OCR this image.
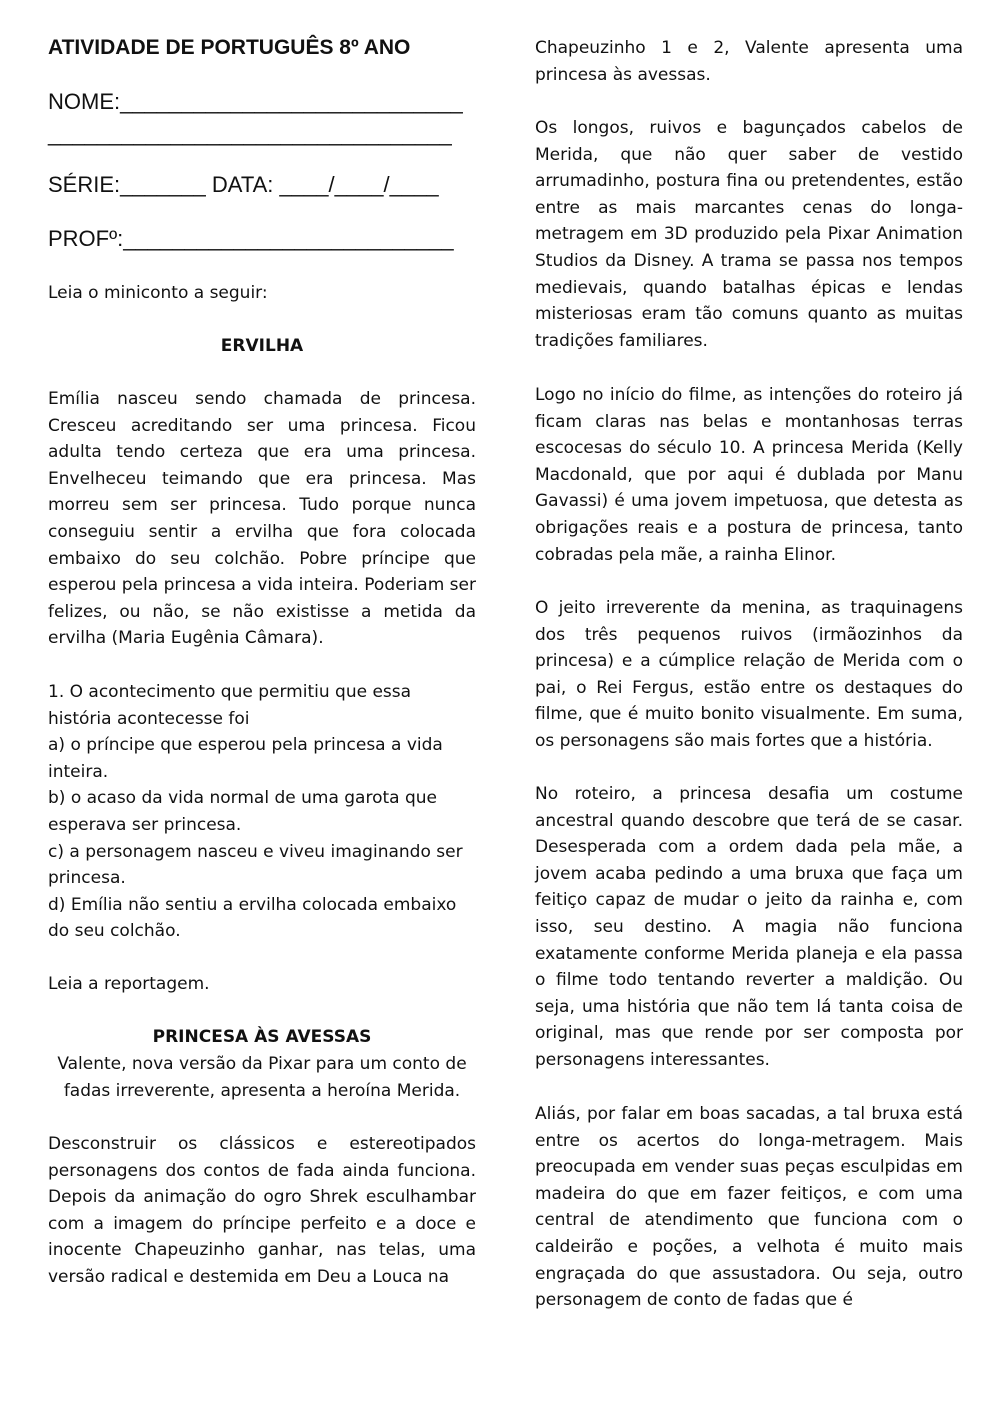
ATIVIDADE DE PORTUGUÊS 8º ANO
NOME:____________________________
_________________________________
SÉRIE:_______ DATA: ____/____/____
PROFº:___________________________

Leia o miniconto a seguir:

ERVILHA

Emília nasceu sendo chamada de princesa. Cresceu acreditando ser uma princesa. Ficou adulta tendo certeza que era uma princesa. Envelheceu teimando que era princesa. Mas morreu sem ser princesa. Tudo porque nunca conseguiu sentir a ervilha que fora colocada embaixo do seu colchão. Pobre príncipe que esperou pela princesa a vida inteira. Poderiam ser felizes, ou não, se não existisse a metida da ervilha (Maria Eugênia Câmara).

1. O acontecimento que permitiu que essa
história acontecesse foi
a) o príncipe que esperou pela princesa a vida
inteira.
b) o acaso da vida normal de uma garota que
esperava ser princesa.
c) a personagem nasceu e viveu imaginando ser
princesa.
d) Emília não sentiu a ervilha colocada embaixo
do seu colchão.

Leia a reportagem.

PRINCESA ÀS AVESSAS

Valente, nova versão da Pixar para um conto de
fadas irreverente, apresenta a heroína Merida.

Desconstruir os clássicos e estereotipados personagens dos contos de fada ainda funciona. Depois da animação do ogro Shrek esculhambar com a imagem do príncipe perfeito e a doce e inocente Chapeuzinho ganhar, nas telas, uma versão radical e destemida em Deu a Louca na

Chapeuzinho 1 e 2, Valente apresenta uma princesa às avessas.

Os longos, ruivos e bagunçados cabelos de Merida, que não quer saber de vestido arrumadinho, postura fina ou pretendentes, estão entre as mais marcantes cenas do longa-metragem em 3D produzido pela Pixar Animation Studios da Disney. A trama se passa nos tempos medievais, quando batalhas épicas e lendas misteriosas eram tão comuns quanto as muitas tradições familiares.

Logo no início do filme, as intenções do roteiro já ficam claras nas belas e montanhosas terras escocesas do século 10. A princesa Merida (Kelly Macdonald, que por aqui é dublada por Manu Gavassi) é uma jovem impetuosa, que detesta as obrigações reais e a postura de princesa, tanto cobradas pela mãe, a rainha Elinor.

O jeito irreverente da menina, as traquinagens dos três pequenos ruivos (irmãozinhos da princesa) e a cúmplice relação de Merida com o pai, o Rei Fergus, estão entre os destaques do filme, que é muito bonito visualmente. Em suma, os personagens são mais fortes que a história.

No roteiro, a princesa desafia um costume ancestral quando descobre que terá de se casar. Desesperada com a ordem dada pela mãe, a jovem acaba pedindo a uma bruxa que faça um feitiço capaz de mudar o jeito da rainha e, com isso, seu destino. A magia não funciona exatamente conforme Merida planeja e ela passa o filme todo tentando reverter a maldição. Ou seja, uma história que não tem lá tanta coisa de original, mas que rende por ser composta por personagens interessantes.

Aliás, por falar em boas sacadas, a tal bruxa está entre os acertos do longa-metragem. Mais preocupada em vender suas peças esculpidas em madeira do que em fazer feitiços, e com uma central de atendimento que funciona com o caldeirão e poções, a velhota é muito mais engraçada do que assustadora. Ou seja, outro personagem de conto de fadas que é
